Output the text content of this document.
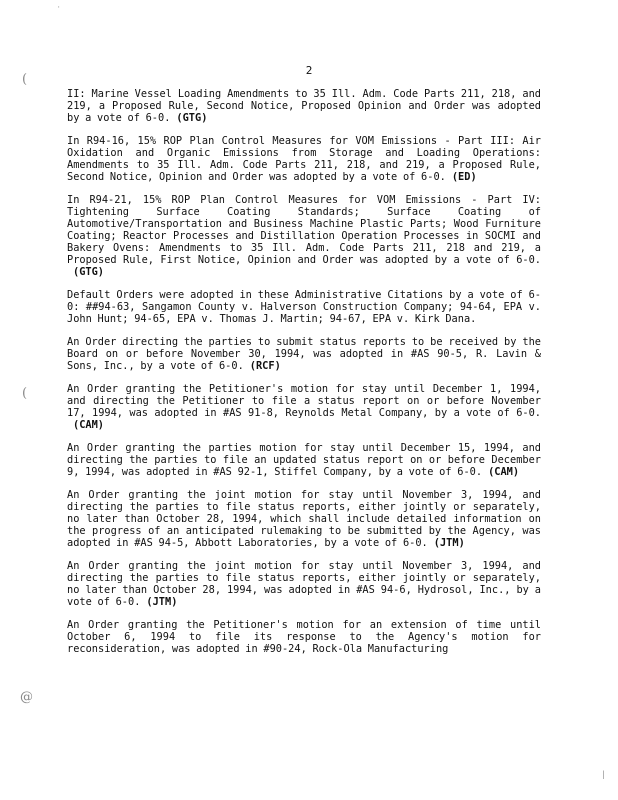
'
(
(
@
|
2

II: Marine Vessel Loading Amendments to 35 Ill. Adm. Code Parts 211, 218, and 219, a Proposed Rule, Second Notice, Proposed Opinion and Order was adopted by a vote of 6-0. (GTG)

In R94-16, 15% ROP Plan Control Measures for VOM Emissions - Part III: Air Oxidation and Organic Emissions from Storage and Loading Operations: Amendments to 35 Ill. Adm. Code Parts 211, 218, and 219, a Proposed Rule, Second Notice, Opinion and Order was adopted by a vote of 6-0. (ED)

In R94-21, 15% ROP Plan Control Measures for VOM Emissions - Part IV: Tightening Surface Coating Standards; Surface Coating of Automotive/Transportation and Business Machine Plastic Parts; Wood Furniture Coating; Reactor Processes and Distillation Operation Processes in SOCMI and Bakery Ovens: Amendments to 35 Ill. Adm. Code Parts 211, 218 and 219, a Proposed Rule, First Notice, Opinion and Order was adopted by a vote of 6-0.(GTG)

Default Orders were adopted in these Administrative Citations by a vote of 6-0: ##94-63, Sangamon County v. Halverson Construction Company; 94-64, EPA v. John Hunt; 94-65, EPA v. Thomas J. Martin; 94-67, EPA v. Kirk Dana.

An Order directing the parties to submit status reports to be received by the Board on or before November 30, 1994, was adopted in #AS 90-5, R. Lavin & Sons, Inc., by a vote of 6-0. (RCF)

An Order granting the Petitioner's motion for stay until December 1, 1994, and directing the Petitioner to file a status report on or before November 17, 1994, was adopted in #AS 91-8, Reynolds Metal Company, by a vote of 6-0.(CAM)

An Order granting the parties motion for stay until December 15, 1994, and directing the parties to file an updated status report on or before December 9, 1994, was adopted in #AS 92-1, Stiffel Company, by a vote of 6-0. (CAM)

An Order granting the joint motion for stay until November 3, 1994, and directing the parties to file status reports, either jointly or separately, no later than October 28, 1994, which shall include detailed information on the progress of an anticipated rulemaking to be submitted by the Agency, was adopted in #AS 94-5, Abbott Laboratories, by a vote of 6-0. (JTM)

An Order granting the joint motion for stay until November 3, 1994, and directing the parties to file status reports, either jointly or separately, no later than October 28, 1994, was adopted in #AS 94-6, Hydrosol, Inc., by a vote of 6-0. (JTM)

An Order granting the Petitioner's motion for an extension of time until October 6, 1994 to file its response to the Agency's motion for reconsideration, was adopted in #90-24, Rock-Ola Manufacturing
